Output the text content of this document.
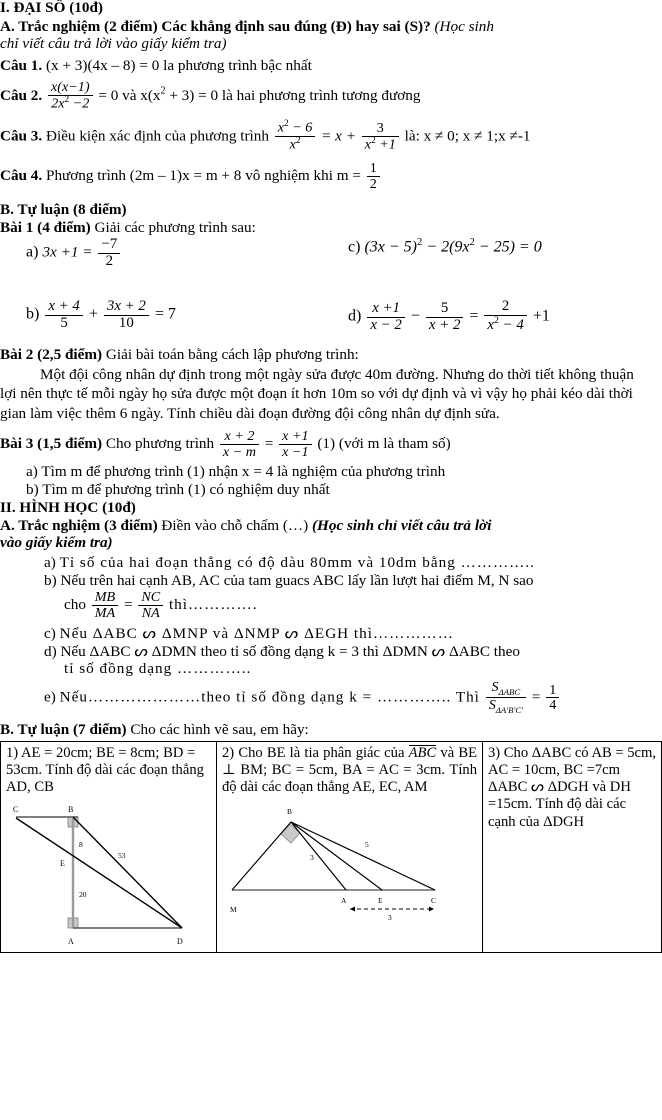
I. ĐẠI SỐ (10đ)

A. Trắc nghiệm (2 điểm) Các khẳng định sau đúng (Đ) hay sai (S)? (Học sinh

chỉ viết câu trả lời vào giấy kiểm tra)

Câu 1. (x + 3)(4x – 8) = 0 la phương trình bậc nhất

Câu 2. $\frac{x(x-1)}{2x^2 -2} = 0$ và $x(x^2 + 3) = 0$ là hai phương trình tương đương

Câu 3. Điều kiện xác định của phương trình $\frac{x^2 - 6}{x^2} = x + \frac{3}{x^2 +1}$ là: x ≠ 0; x ≠ 1;x ≠-1

Câu 4. Phương trình (2m – 1)x = m + 8 vô nghiệm khi $m = \frac{1}{2}$

B. Tự luận (8 điểm)

Bài 1 (4 điểm) Giải các phương trình sau:

a) $3x +1 = \frac{-7}{2}$	c) $(3x - 5)^2 - 2(9x^2 - 25) = 0$
$b) \frac{x + 4}{5} + \frac{3x + 2}{10} = 7$	$d) \frac{x +1}{x - 2} - \frac{5}{x + 2} = \frac{2}{x^2 - 4} +1$

Bài 2 (2,5 điểm) Giải bài toán bằng cách lập phương trình:

Một đội công nhân dự định trong một ngày sửa được 40m đường. Nhưng do thời tiết không thuận lợi nên thực tế mỗi ngày họ sửa được một đoạn ít hơn 10m so với dự định và vì vậy họ phải kéo dài thời gian làm việc thêm 6 ngày. Tính chiều dài đoạn đường đội công nhân dự định sửa.

Bài 3 (1,5 điểm) Cho phương trình $\frac{x + 2}{x - m} = \frac{x +1}{x -1} (1)$ (với m là tham số)

a) Tìm m để phương trình (1) nhận x = 4 là nghiệm của phương trình

b) Tìm m để phương trình (1) có nghiệm duy nhất

II. HÌNH HỌC (10đ)

A. Trắc nghiệm (3 điểm) Điền vào chỗ chấm (…) (Học sinh chỉ viết câu trả lời

vào giấy kiểm tra)

a) Tỉ số của hai đoạn thẳng có độ dàu 80mm và 10dm bằng …………..

b) Nếu trên hai cạnh AB, AC của tam guacs ABC lấy lần lượt hai điểm M, N sao

cho $\frac{MB}{MA} = \frac{NC}{NA}$ thì………….

c) Nếu ΔABC ᔕ ΔMNP và ΔNMP ᔕ ΔEGH thì……………

d) Nếu ΔABC ᔕ ΔDMN theo tỉ số đồng dạng k = 3 thì ΔDMN ᔕ ΔABC theo

tỉ số đồng dạng …………..

e) Nếu…………………theo tỉ số đồng dạng k = ………….. Thì $\frac{S_{\Delta ABC}}{S_{\Delta A'B'C'}} = \frac{1}{4}$

B. Tự luận (7 điểm) Cho các hình vẽ sau, em hãy:

1) AE = 20cm; BE = 8cm; BD = 53cm. Tính độ dài các đoạn thẳng AD, CB
C	B
E
A	D
8
53
20

2) Cho BE là tia phân giác của ABC và BE ⊥ BM; BC = 5cm, BA = AC = 3cm. Tính độ dài các đoạn thẳng AE, EC, AM
B
M
A	E	C
3
5
3

3) Cho ΔABC có AB = 5cm, AC = 10cm, BC =7cm ΔABC ᔕ ΔDGH và DH =15cm. Tính độ dài các cạnh của ΔDGH
